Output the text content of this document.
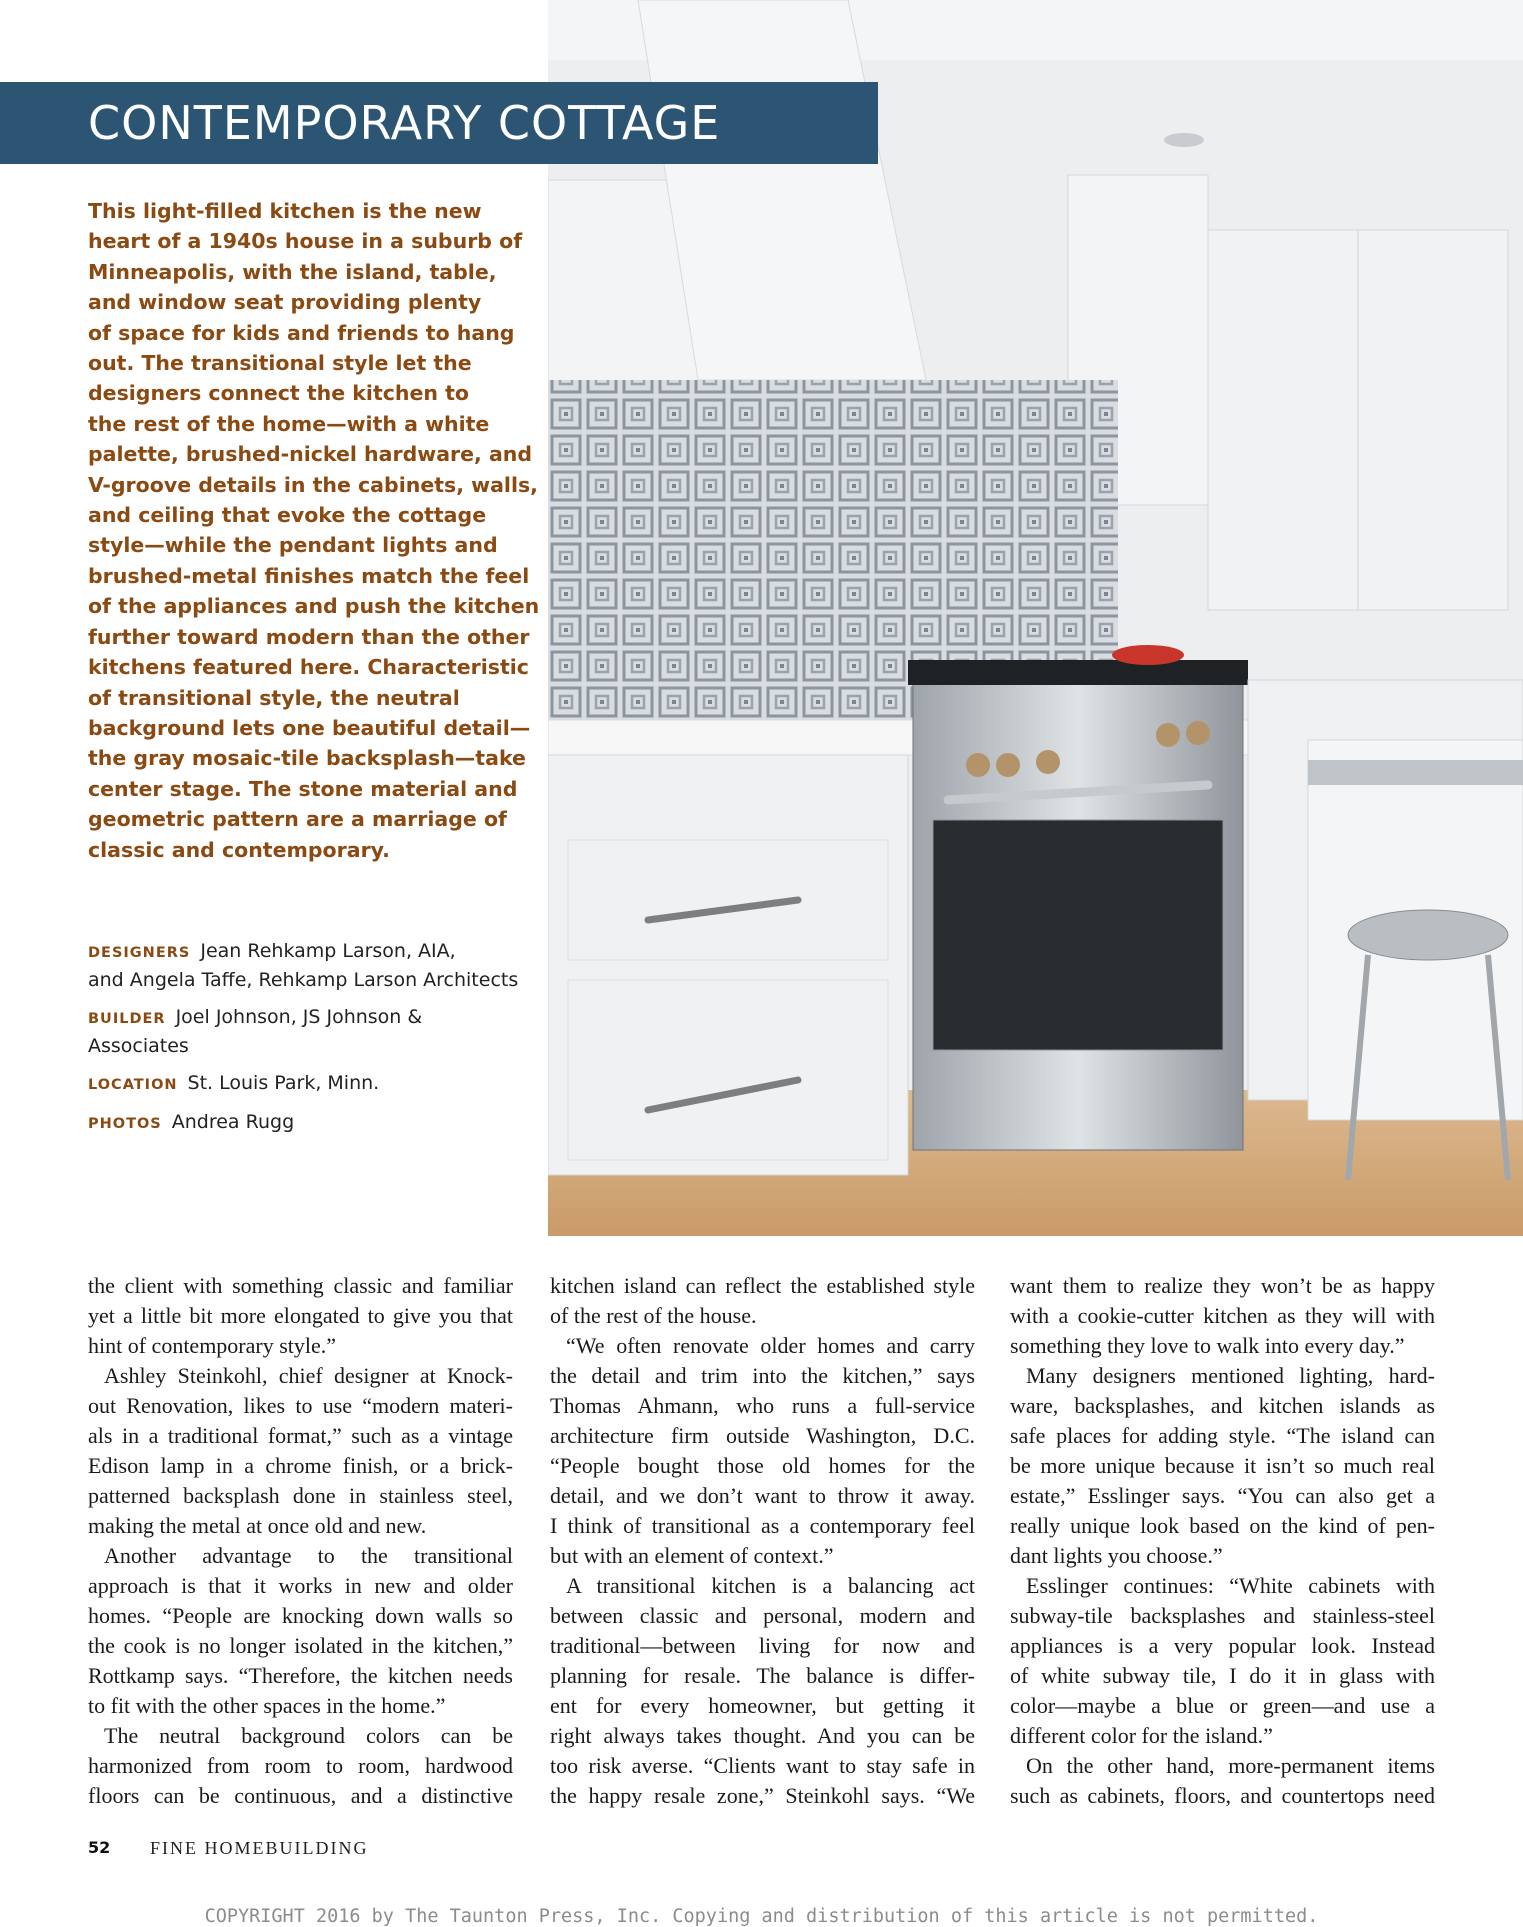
CONTEMPORARY COTTAGE
This light-filled kitchen is the new
heart of a 1940s house in a suburb of
Minneapolis, with the island, table,
and window seat providing plenty
of space for kids and friends to hang
out. The transitional style let the
designers connect the kitchen to
the rest of the home—with a white
palette, brushed-nickel hardware, and
V-groove details in the cabinets, walls,
and ceiling that evoke the cottage
style—while the pendant lights and
brushed-metal finishes match the feel
of the appliances and push the kitchen
further toward modern than the other
kitchens featured here. Characteristic
of transitional style, the neutral
background lets one beautiful detail—
the gray mosaic-tile backsplash—take
center stage. The stone material and
geometric pattern are a marriage of
classic and contemporary.
DESIGNERS Jean Rehkamp Larson, AIA,
and Angela Taffe, Rehkamp Larson Architects
BUILDER Joel Johnson, JS Johnson &
Associates
LOCATION St. Louis Park, Minn.
PHOTOS Andrea Rugg
the client with something classic and familiar
yet a little bit more elongated to give you that
hint of contemporary style.”
Ashley Steinkohl, chief designer at Knock-
out Renovation, likes to use “modern materi-
als in a traditional format,” such as a vintage
Edison lamp in a chrome finish, or a brick-
patterned backsplash done in stainless steel,
making the metal at once old and new.
Another advantage to the transitional
approach is that it works in new and older
homes. “People are knocking down walls so
the cook is no longer isolated in the kitchen,”
Rottkamp says. “Therefore, the kitchen needs
to fit with the other spaces in the home.”
The neutral background colors can be
harmonized from room to room, hardwood
floors can be continuous, and a distinctive
kitchen island can reflect the established style
of the rest of the house.
“We often renovate older homes and carry
the detail and trim into the kitchen,” says
Thomas Ahmann, who runs a full-service
architecture firm outside Washington, D.C.
“People bought those old homes for the
detail, and we don’t want to throw it away.
I think of transitional as a contemporary feel
but with an element of context.”
A transitional kitchen is a balancing act
between classic and personal, modern and
traditional—between living for now and
planning for resale. The balance is differ-
ent for every homeowner, but getting it
right always takes thought. And you can be
too risk averse. “Clients want to stay safe in
the happy resale zone,” Steinkohl says. “We
want them to realize they won’t be as happy
with a cookie-cutter kitchen as they will with
something they love to walk into every day.”
Many designers mentioned lighting, hard-
ware, backsplashes, and kitchen islands as
safe places for adding style. “The island can
be more unique because it isn’t so much real
estate,” Esslinger says. “You can also get a
really unique look based on the kind of pen-
dant lights you choose.”
Esslinger continues: “White cabinets with
subway-tile backsplashes and stainless-steel
appliances is a very popular look. Instead
of white subway tile, I do it in glass with
color—maybe a blue or green—and use a
different color for the island.”
On the other hand, more-permanent items
such as cabinets, floors, and countertops need
52 FINE HOMEBUILDING
COPYRIGHT 2016 by The Taunton Press, Inc. Copying and distribution of this article is not permitted.
